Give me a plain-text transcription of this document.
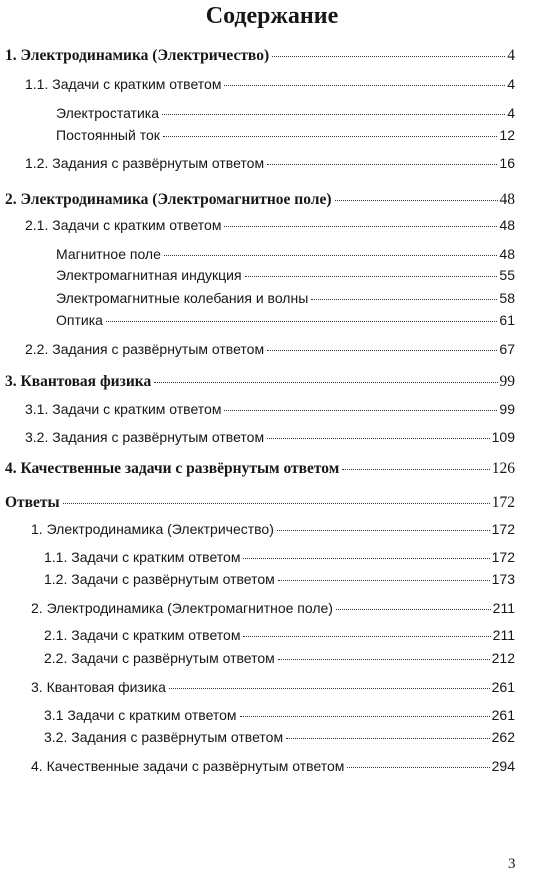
Содержание
1. Электродинамика (Электричество)	4
1.1. Задачи с кратким ответом	4
Электростатика	4
Постоянный ток	12
1.2. Задания с развёрнутым ответом	16
2. Электродинамика (Электромагнитное поле)	48
2.1. Задачи с кратким ответом	48
Магнитное поле	48
Электромагнитная индукция	55
Электромагнитные колебания и волны	58
Оптика	61
2.2. Задания с развёрнутым ответом	67
3. Квантовая физика	99
3.1. Задачи с кратким ответом	99
3.2. Задания с развёрнутым ответом	109
4. Качественные задачи с развёрнутым ответом	126
Ответы	172
1. Электродинамика (Электричество)	172
1.1. Задачи с кратким ответом	172
1.2. Задачи с развёрнутым ответом	173
2. Электродинамика (Электромагнитное поле)	211
2.1. Задачи с кратким ответом	211
2.2. Задачи с развёрнутым ответом	212
3. Квантовая физика	261
3.1 Задачи с кратким ответом	261
3.2. Задания с развёрнутым ответом	262
4. Качественные задачи с развёрнутым ответом	294
3
